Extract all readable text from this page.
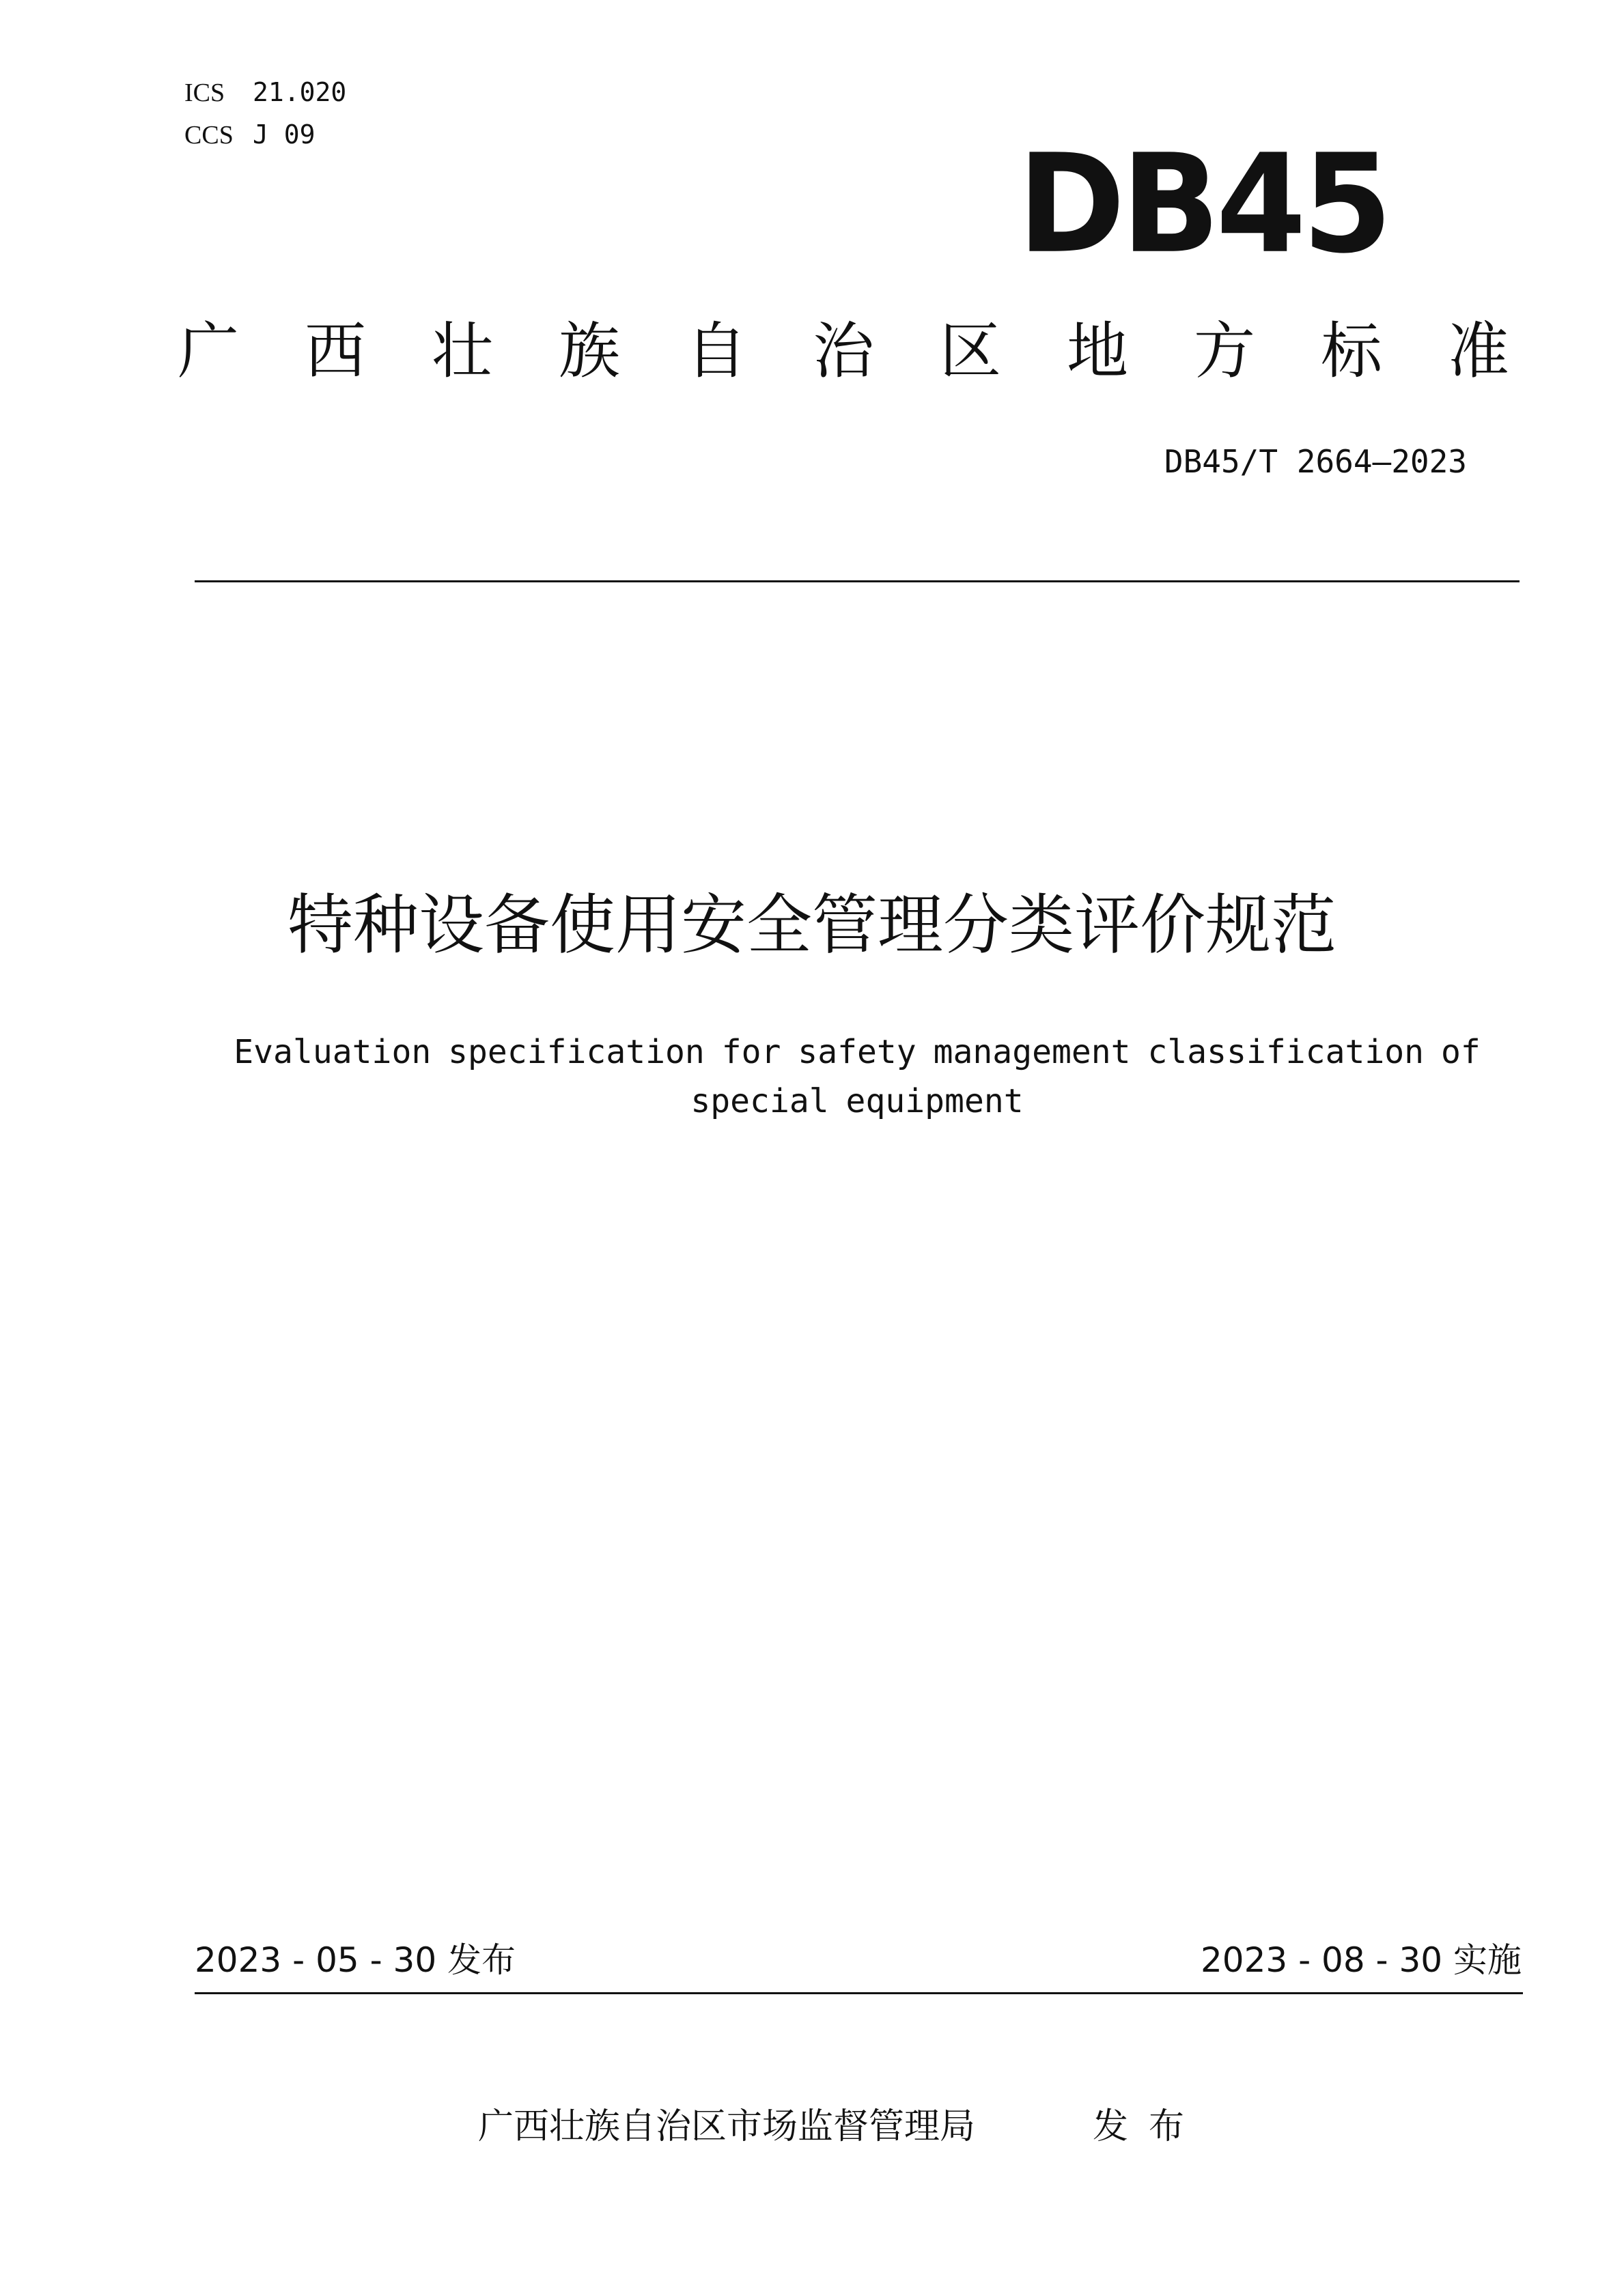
ICS 21.020
CCS J 09	DB45
广 西 壮 族 自 治 区 地 方 标 准
DB45/T 2664—2023
特种设备使用安全管理分类评价规范
Evaluation specification for safety management classification of special equipment
2023 - 05 - 30 发布	2023 - 08 - 30 实施
广西壮族自治区市场监督管理局	发布
